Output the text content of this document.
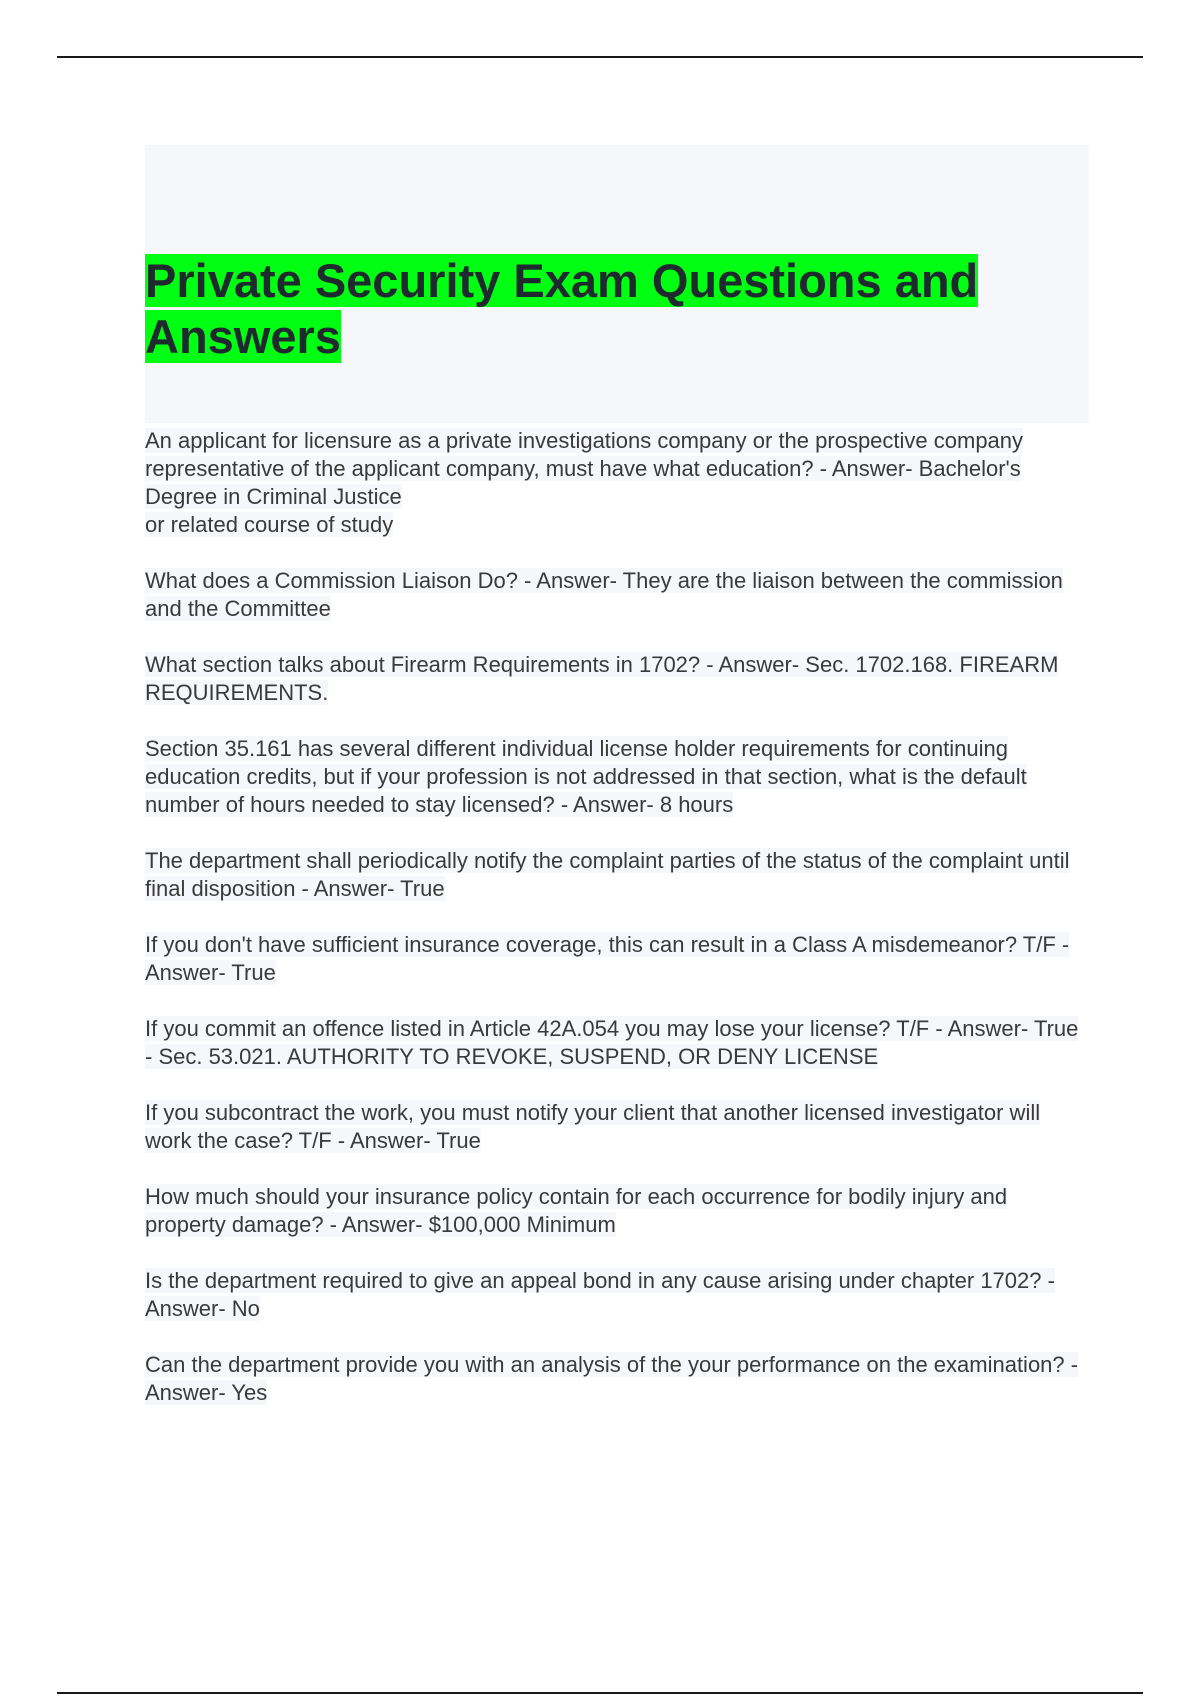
Private Security Exam Questions and Answers

An applicant for licensure as a private investigations company or the prospective company representative of the applicant company, must have what education? - Answer- Bachelor's Degree in Criminal Justice
or related course of study

What does a Commission Liaison Do? - Answer- They are the liaison between the commission and the Committee

What section talks about Firearm Requirements in 1702? - Answer- Sec. 1702.168. FIREARM REQUIREMENTS.

Section 35.161 has several different individual license holder requirements for continuing education credits, but if your profession is not addressed in that section, what is the default number of hours needed to stay licensed? - Answer- 8 hours

The department shall periodically notify the complaint parties of the status of the complaint until final disposition - Answer- True

If you don't have sufficient insurance coverage, this can result in a Class A misdemeanor? T/F - Answer- True

If you commit an offence listed in Article 42A.054 you may lose your license? T/F - Answer- True - Sec. 53.021. AUTHORITY TO REVOKE, SUSPEND, OR DENY LICENSE

If you subcontract the work, you must notify your client that another licensed investigator will work the case? T/F - Answer- True

How much should your insurance policy contain for each occurrence for bodily injury and property damage? - Answer- $100,000 Minimum

Is the department required to give an appeal bond in any cause arising under chapter 1702? - Answer- No

Can the department provide you with an analysis of the your performance on the examination? - Answer- Yes
